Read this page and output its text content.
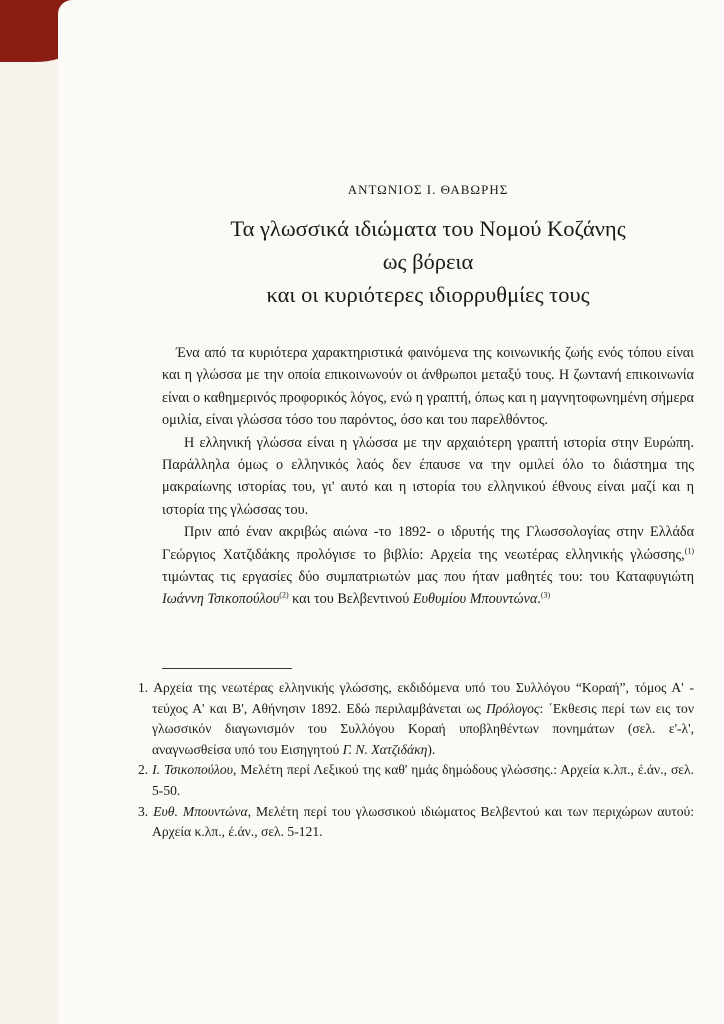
ΑΝΤΩΝΙΟΣ Ι. ΘΑΒΩΡΗΣ
Τα γλωσσικά ιδιώματα του Νομού Κοζάνης
ως βόρεια
και οι κυριότερες ιδιορρυθμίες τους

Ένα από τα κυριότερα χαρακτηριστικά φαινόμενα της κοινωνικής ζωής ενός τόπου είναι και η γλώσσα με την οποία επικοινωνούν οι άνθρωποι μεταξύ τους. Η ζωντανή επικοινωνία είναι ο καθημερινός προφορικός λόγος, ενώ η γραπτή, όπως και η μαγνητοφωνημένη σήμερα ομιλία, είναι γλώσσα τόσο του παρόντος, όσο και του παρελθόντος.

Η ελληνική γλώσσα είναι η γλώσσα με την αρχαιότερη γραπτή ιστορία στην Ευρώπη. Παράλληλα όμως ο ελληνικός λαός δεν έπαυσε να την ομιλεί όλο το διάστημα της μακραίωνης ιστορίας του, γι' αυτό και η ιστορία του ελληνικού έθνους είναι μαζί και η ιστορία της γλώσσας του.

Πριν από έναν ακριβώς αιώνα -το 1892- ο ιδρυτής της Γλωσσολογίας στην Ελλάδα Γεώργιος Χατζιδάκης προλόγισε το βιβλίο: Αρχεία της νεωτέρας ελληνικής γλώσσης,$^{(1)}$ τιμώντας τις εργασίες δύο συμπατριωτών μας που ήταν μαθητές του: του Καταφυγιώτη Ιωάννη Τσικοπούλου$^{(2)}$ και του Βελβεντινού Ευθυμίου Μπουντώνα.$^{(3)}$

1. Αρχεία της νεωτέρας ελληνικής γλώσσης, εκδιδόμενα υπό του Συλλόγου “Κοραή”, τόμος Α' - τεύχος Α' και Β', Αθήνησιν 1892. Εδώ περιλαμβάνεται ως Πρόλογος: ΄Εκθεσις περί των εις τον γλωσσικόν διαγωνισμόν του Συλλόγου Κοραή υποβληθέντων πονημάτων (σελ. ε'-λ', αναγνωσθείσα υπό του Εισηγητού Γ. Ν. Χατζιδάκη).
2. Ι. Τσικοπούλου, Μελέτη περί Λεξικού της καθ' ημάς δημώδους γλώσσης.: Αρχεία κ.λπ., έ.άν., σελ. 5-50.
3. Ευθ. Μπουντώνα, Μελέτη περί του γλωσσικού ιδιώματος Βελβεντού και των περιχώρων αυτού: Αρχεία κ.λπ., έ.άν., σελ. 5-121.
